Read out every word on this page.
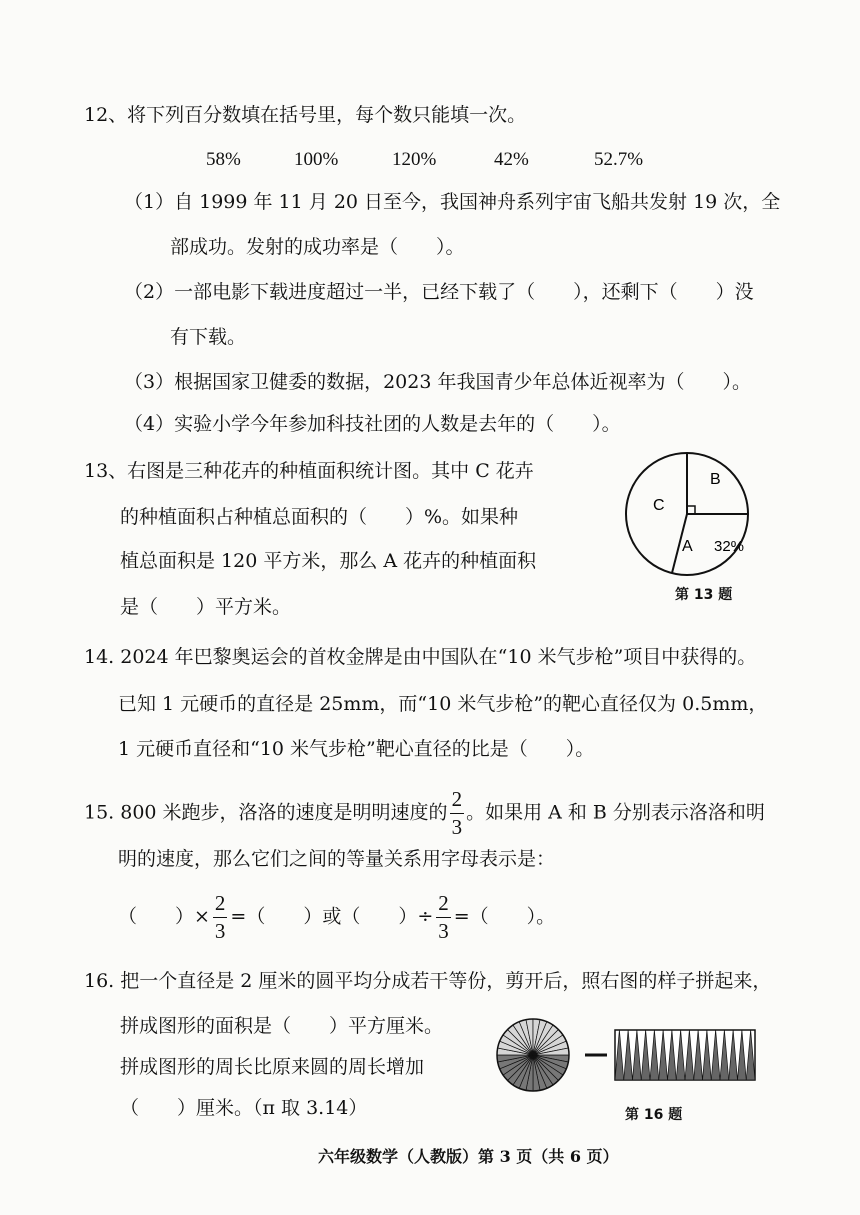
12、将下列百分数填在括号里，每个数只能填一次。
58%	100%	120%	42%	52.7%
（1）自 1999 年 11 月 20 日至今，我国神舟系列宇宙飞船共发射 19 次，全
部成功。发射的成功率是（　　）。
（2）一部电影下载进度超过一半，已经下载了（　　），还剩下（　　）没
有下载。
（3）根据国家卫健委的数据，2023 年我国青少年总体近视率为（　　）。
（4）实验小学今年参加科技社团的人数是去年的（　　）。
13、右图是三种花卉的种植面积统计图。其中 C 花卉
的种植面积占种植总面积的（　　）%。如果种
植总面积是 120 平方米，那么 A 花卉的种植面积
是（　　）平方米。
B
C
A 32%
第 13 题
14. 2024 年巴黎奥运会的首枚金牌是由中国队在“10 米气步枪”项目中获得的。
已知 1 元硬币的直径是 25mm，而“10 米气步枪”的靶心直径仅为 0.5mm，
1 元硬币直径和“10 米气步枪”靶心直径的比是（　　）。
15. 800 米跑步，洛洛的速度是明明速度的 $\frac{2}{3}$ 。如果用 A 和 B 分别表示洛洛和明
明的速度，那么它们之间的等量关系用字母表示是：
（　　）× $\frac{2}{3}$ =（　　）或（　　）÷ $\frac{2}{3}$ =（　　）。
16. 把一个直径是 2 厘米的圆平均分成若干等份，剪开后，照右图的样子拼起来，
拼成图形的面积是（　　）平方厘米。
拼成图形的周长比原来圆的周长增加
（　　）厘米。（π 取 3.14）	第 16 题
六年级数学（人教版）第 3 页（共 6 页）
